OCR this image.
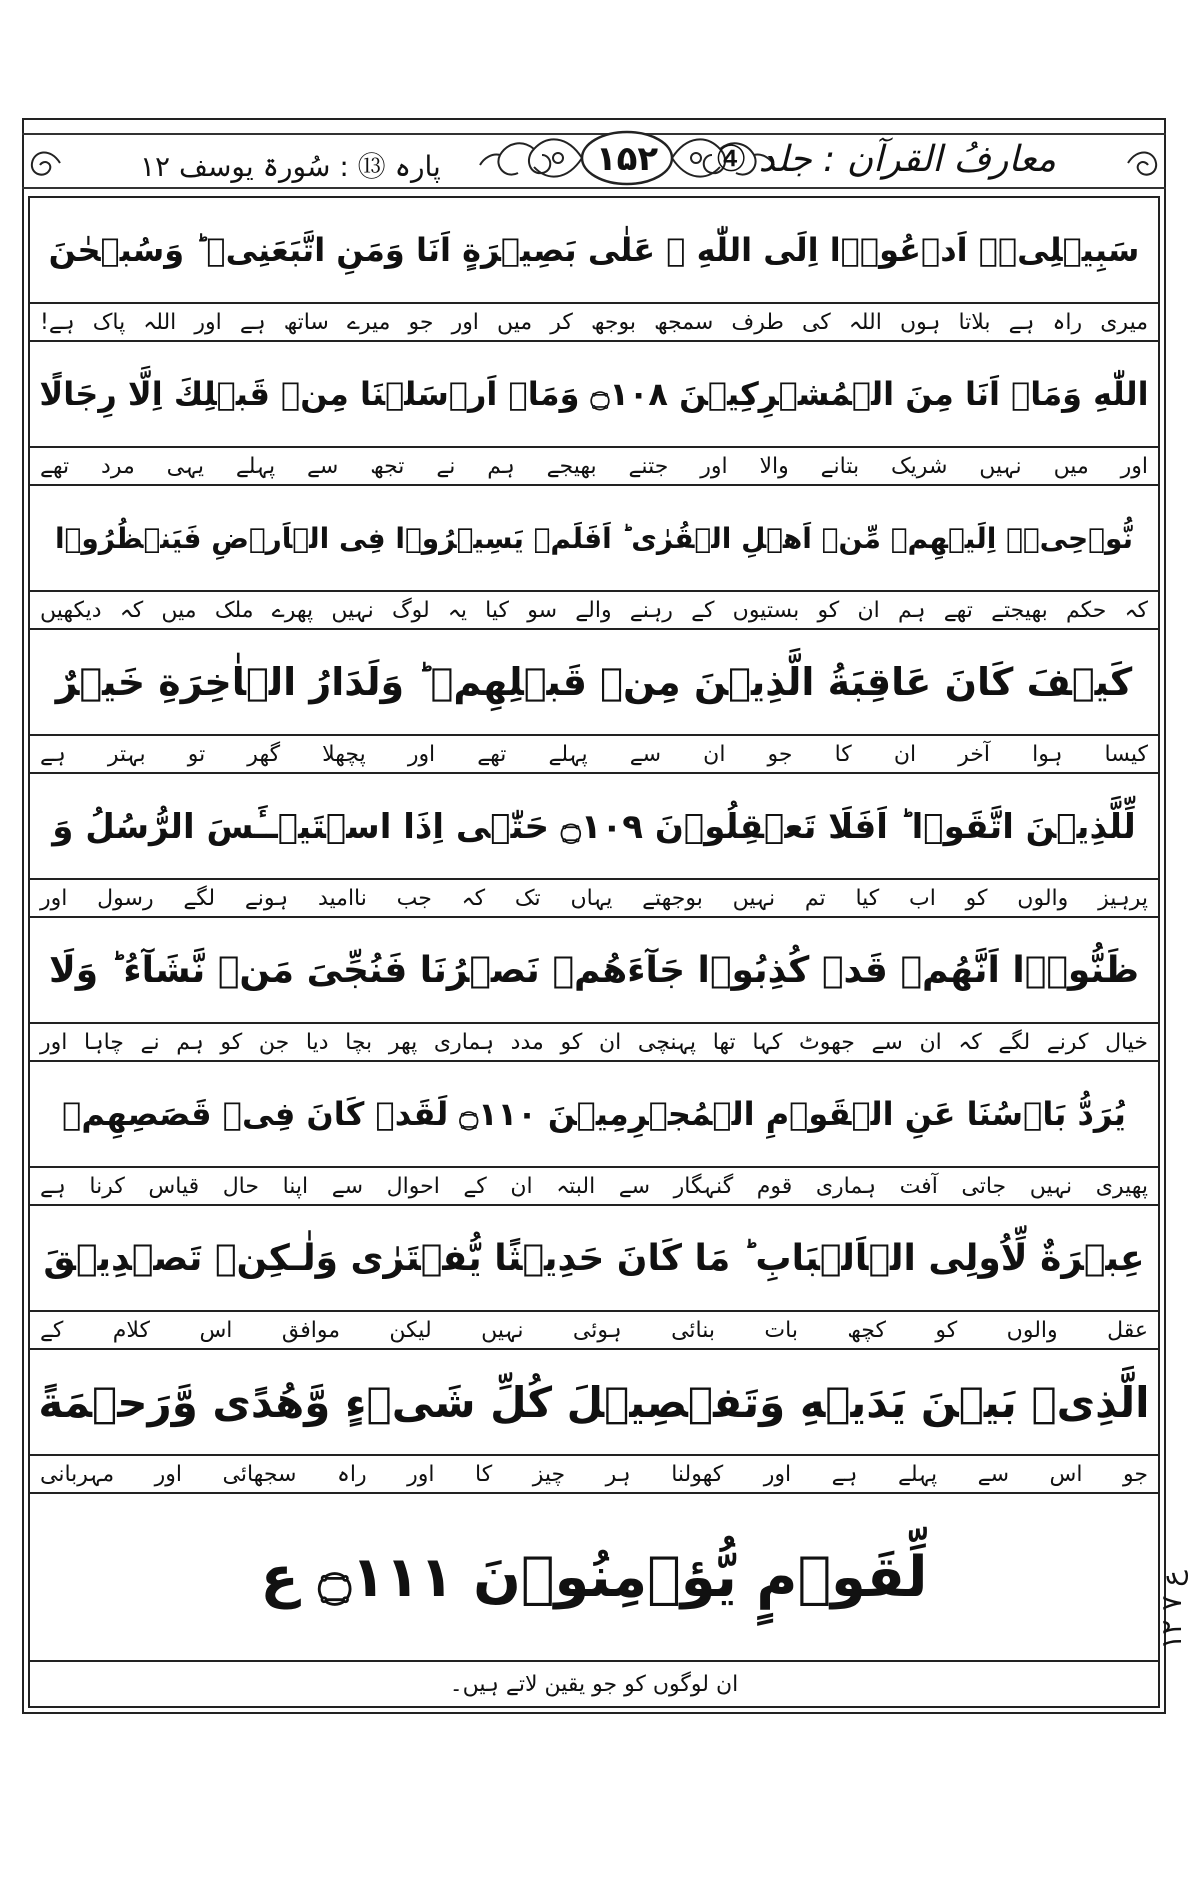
پارہ ⑬ : سُورۃ یوسف ۱۲	۱۵۲	معارفُ القرآن : جلد ④
سَبِيۡلِىۡۤ اَدۡعُوۡۤا اِلَى اللّٰهِ ۚ عَلٰى بَصِيۡرَةٍ اَنَا وَمَنِ اتَّبَعَنِىۡ ؕ وَسُبۡحٰنَ
میری راہ ہے بلاتا ہوں اللہ کی طرف سمجھ بوجھ کر میں اور جو میرے ساتھ ہے اور اللہ پاک ہے!
اللّٰهِ وَمَاۤ اَنَا مِنَ الۡمُشۡرِكِيۡنَ ۝۱۰۸ وَمَاۤ اَرۡسَلۡنَا مِنۡ قَبۡلِكَ اِلَّا رِجَالًا
اور میں نہیں شریک بتانے والا اور جتنے بھیجے ہم نے تجھ سے پہلے یہی مرد تھے
نُّوۡحِىۡۤ اِلَيۡهِمۡ مِّنۡ اَهۡلِ الۡقُرٰى ؕ اَفَلَمۡ يَسِيۡرُوۡا فِى الۡاَرۡضِ فَيَنۡظُرُوۡا
کہ حکم بھیجتے تھے ہم ان کو بستیوں کے رہنے والے سو کیا یہ لوگ نہیں پھرے ملک میں کہ دیکھیں
كَيۡفَ كَانَ عَاقِبَةُ الَّذِيۡنَ مِنۡ قَبۡلِهِمۡ ؕ وَلَدَارُ الۡاٰخِرَةِ خَيۡرٌ
کیسا ہوا آخر ان کا جو ان سے پہلے تھے اور پچھلا گھر تو بہتر ہے
لِّلَّذِيۡنَ اتَّقَوۡا ؕ اَفَلَا تَعۡقِلُوۡنَ ۝۱۰۹ حَتّٰۤى اِذَا اسۡتَيۡــَٔسَ الرُّسُلُ وَ
پرہیز والوں کو اب کیا تم نہیں بوجھتے یہاں تک کہ جب ناامید ہونے لگے رسول اور
ظَنُّوۡۤا اَنَّهُمۡ قَدۡ كُذِبُوۡا جَآءَهُمۡ نَصۡرُنَا فَنُجِّىَ مَنۡ نَّشَآءُ ؕ وَلَا
خیال کرنے لگے کہ ان سے جھوٹ کہا تھا پہنچی ان کو مدد ہماری پھر بچا دیا جن کو ہم نے چاہا اور
يُرَدُّ بَاۡسُنَا عَنِ الۡقَوۡمِ الۡمُجۡرِمِيۡنَ ۝۱۱۰ لَقَدۡ كَانَ فِىۡ قَصَصِهِمۡ
پھیری نہیں جاتی آفت ہماری قوم گنہگار سے البتہ ان کے احوال سے اپنا حال قیاس کرنا ہے
عِبۡرَةٌ لِّاُولِى الۡاَلۡبَابِ ؕ مَا كَانَ حَدِيۡثًا يُّفۡتَرٰى وَلٰـكِنۡ تَصۡدِيۡقَ
عقل والوں کو کچھ بات بنائی ہوئی نہیں لیکن موافق اس کلام کے
الَّذِىۡ بَيۡنَ يَدَيۡهِ وَتَفۡصِيۡلَ كُلِّ شَىۡءٍ وَّهُدًى وَّرَحۡمَةً
جو اس سے پہلے ہے اور کھولنا ہر چیز کا اور راہ سجھائی اور مہربانی
لِّقَوۡمٍ يُّؤۡمِنُوۡنَ ۝۱۱۱ ع
ان لوگوں کو جو یقین لاتے ہیں۔
۱۲ ع ۷
